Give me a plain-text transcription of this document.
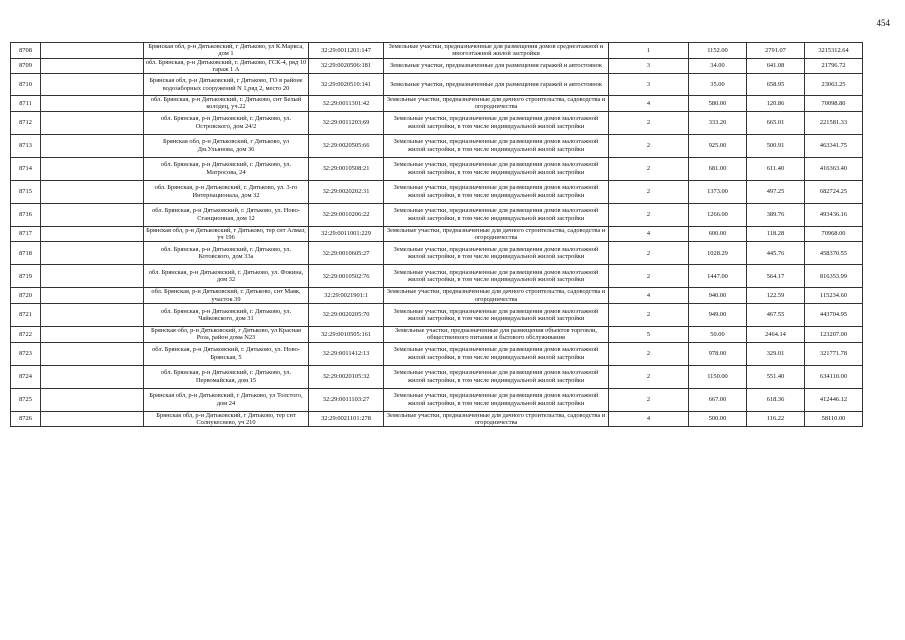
454
8708		Брянская обл, р-н Дятьковский, г Дятьково, ул К.Маркса, дом 1	32:29:0011201:147	Земельные участки, предназначенные для размещения домов среднеэтажной и многоэтажной жилой застройки	1	1152.00	2791.07	3215312.64
8709		обл. Брянская, р-н Дятьковский, г. Дятьково, ГСК-4, ряд 10 гараж 1 А	32:29:0020506:181	Земельные участки, предназначенные для размещения гаражей и автостоянок	3	34.00	641.08	21796.72
8710		Брянская обл, р-н Дятьковский, г Дятьково, ГО в районе водозаборных сооружений N 1,ряд 2, место 20	32:29:0020510:141	Земельные участки, предназначенные для размещения гаражей и автостоянок	3	35.00	658.95	23063.25
8711		обл. Брянская, р-н Дятьковский, г. Дятьково, снт Белый колодец, уч.22	32:29:0011301:42	Земельные участки, предназначенные для дачного строительства, садоводства и огородничества	4	580.00	120.86	70098.80
8712		обл. Брянская, р-н Дятьковский, г. Дятьково, ул. Островского, дом 24/2	32:29:0011203:69	Земельные участки, предназначенные для размещения домов малоэтажной жилой застройки, в том числе индивидуальной жилой застройки	2	333.20	665.01	221581.33
8713		Брянская обл, р-н Дятьковский, г Дятьково, ул Дм.Ульянова, дом 36	32:29:0020505:66	Земельные участки, предназначенные для размещения домов малоэтажной жилой застройки, в том числе индивидуальной жилой застройки	2	925.00	500.91	463341.75
8714		обл. Брянская, р-н Дятьковский, г. Дятьково, ул. Матросова, 24	32:29:0010508:21	Земельные участки, предназначенные для размещения домов малоэтажной жилой застройки, в том числе индивидуальной жилой застройки	2	681.00	611.40	416363.40
8715		обл. Брянская, р-н Дятьковский, г. Дятьково, ул. 3-го Интернационала, дом 32	32:29:0020202:31	Земельные участки, предназначенные для размещения домов малоэтажной жилой застройки, в том числе индивидуальной жилой застройки	2	1373.00	497.25	682724.25
8716		обл. Брянская, р-н Дятьковский, г. Дятьково, ул. Ново-Станционная, дом 12	32:29:0010206:22	Земельные участки, предназначенные для размещения домов малоэтажной жилой застройки, в том числе индивидуальной жилой застройки	2	1266.00	389.76	493436.16
8717		Брянская обл, р-н Дятьковский, г Дятьково, тер снт Алмаз, уч 196	32:29:0011001:229	Земельные участки, предназначенные для дачного строительства, садоводства и огородничества	4	600.00	118.28	70968.00
8718		обл. Брянская, р-н Дятьковский, г. Дятьково, ул. Котовского, дом 33а	32:29:0010605:27	Земельные участки, предназначенные для размещения домов малоэтажной жилой застройки, в том числе индивидуальной жилой застройки	2	1028.29	445.76	458370.55
8719		обл. Брянская, р-н Дятьковский, г. Дятьково, ул. Фокина, дом 32	32:29:0010502:76	Земельные участки, предназначенные для размещения домов малоэтажной жилой застройки, в том числе индивидуальной жилой застройки	2	1447.00	564.17	816353.99
8720		обл. Брянская, р-н Дятьковский, г. Дятьково, снт Маяк, участок 39	32:29:0021901:1	Земельные участки, предназначенные для дачного строительства, садоводства и огородничества	4	940.00	122.59	115234.60
8721		обл. Брянская, р-н Дятьковский, г. Дятьково, ул. Чайковского, дом 31	32:29:0020205:70	Земельные участки, предназначенные для размещения домов малоэтажной жилой застройки, в том числе индивидуальной жилой застройки	2	949.00	467.55	443704.95
8722		Брянская обл, р-н Дятьковский, г Дятьково, ул Красная Роза, район дома N23	32:29:0010505:161	Земельные участки, предназначенные для размещения объектов торговли, общественного питания и бытового обслуживания	5	50.00	2464.14	123207.00
8723		обл. Брянская, р-н Дятьковский, г. Дятьково, ул. Ново-Брянская, 5	32:29:0011412:13	Земельные участки, предназначенные для размещения домов малоэтажной жилой застройки, в том числе индивидуальной жилой застройки	2	978.00	329.01	321771.78
8724		обл. Брянская, р-н Дятьковский, г. Дятьково, ул. Первомайская, дом 15	32:29:0020105:32	Земельные участки, предназначенные для размещения домов малоэтажной жилой застройки, в том числе индивидуальной жилой застройки	2	1150.00	551.40	634110.00
8725		Брянская обл, р-н Дятьковский, г Дятьково, ул Толстого, дом 24	32:29:0011103:27	Земельные участки, предназначенные для размещения домов малоэтажной жилой застройки, в том числе индивидуальной жилой застройки	2	667.00	618.36	412446.12
8726		Брянская обл, р-н Дятьковский, г Дятьково, тер снт Солнукеснево, уч 210	32:29:0021101:278	Земельные участки, предназначенные для дачного строительства, садоводства и огородничества	4	500.00	116.22	58110.00
